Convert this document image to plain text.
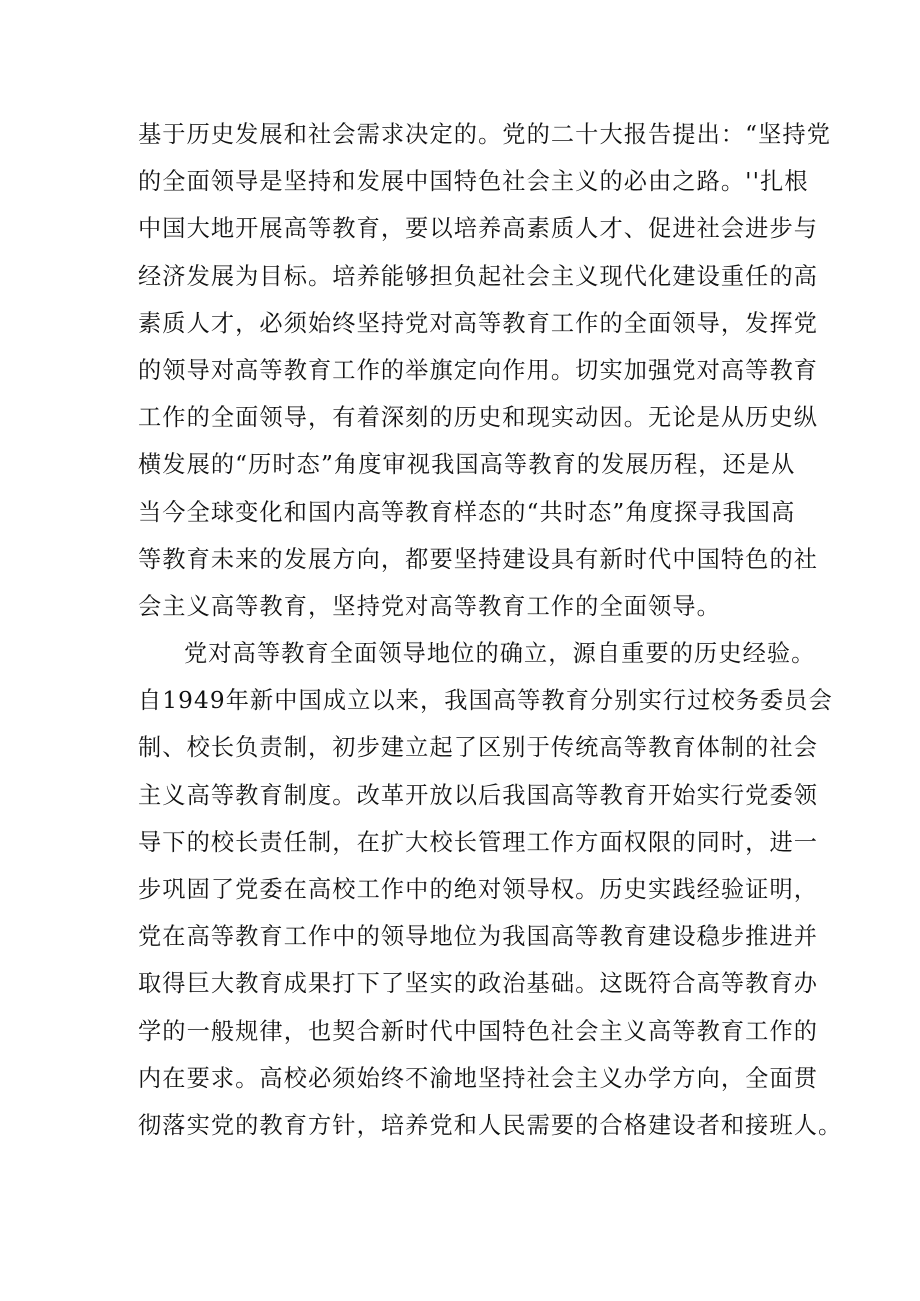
基于历史发展和社会需求决定的。党的二十大报告提出：“坚持党
的全面领导是坚持和发展中国特色社会主义的必由之路。''扎根
中国大地开展高等教育，要以培养高素质人才、促进社会进步与
经济发展为目标。培养能够担负起社会主义现代化建设重任的高
素质人才，必须始终坚持党对高等教育工作的全面领导，发挥党
的领导对高等教育工作的举旗定向作用。切实加强党对高等教育
工作的全面领导，有着深刻的历史和现实动因。无论是从历史纵
横发展的“历时态”角度审视我国高等教育的发展历程，还是从
当今全球变化和国内高等教育样态的“共时态”角度探寻我国高
等教育未来的发展方向，都要坚持建设具有新时代中国特色的社
会主义高等教育，坚持党对高等教育工作的全面领导。
党对高等教育全面领导地位的确立，源自重要的历史经验。
自1949年新中国成立以来，我国高等教育分别实行过校务委员会
制、校长负责制，初步建立起了区别于传统高等教育体制的社会
主义高等教育制度。改革开放以后我国高等教育开始实行党委领
导下的校长责任制，在扩大校长管理工作方面权限的同时，进一
步巩固了党委在高校工作中的绝对领导权。历史实践经验证明，
党在高等教育工作中的领导地位为我国高等教育建设稳步推进并
取得巨大教育成果打下了坚实的政治基础。这既符合高等教育办
学的一般规律，也契合新时代中国特色社会主义高等教育工作的
内在要求。高校必须始终不渝地坚持社会主义办学方向，全面贯
彻落实党的教育方针，培养党和人民需要的合格建设者和接班人。
